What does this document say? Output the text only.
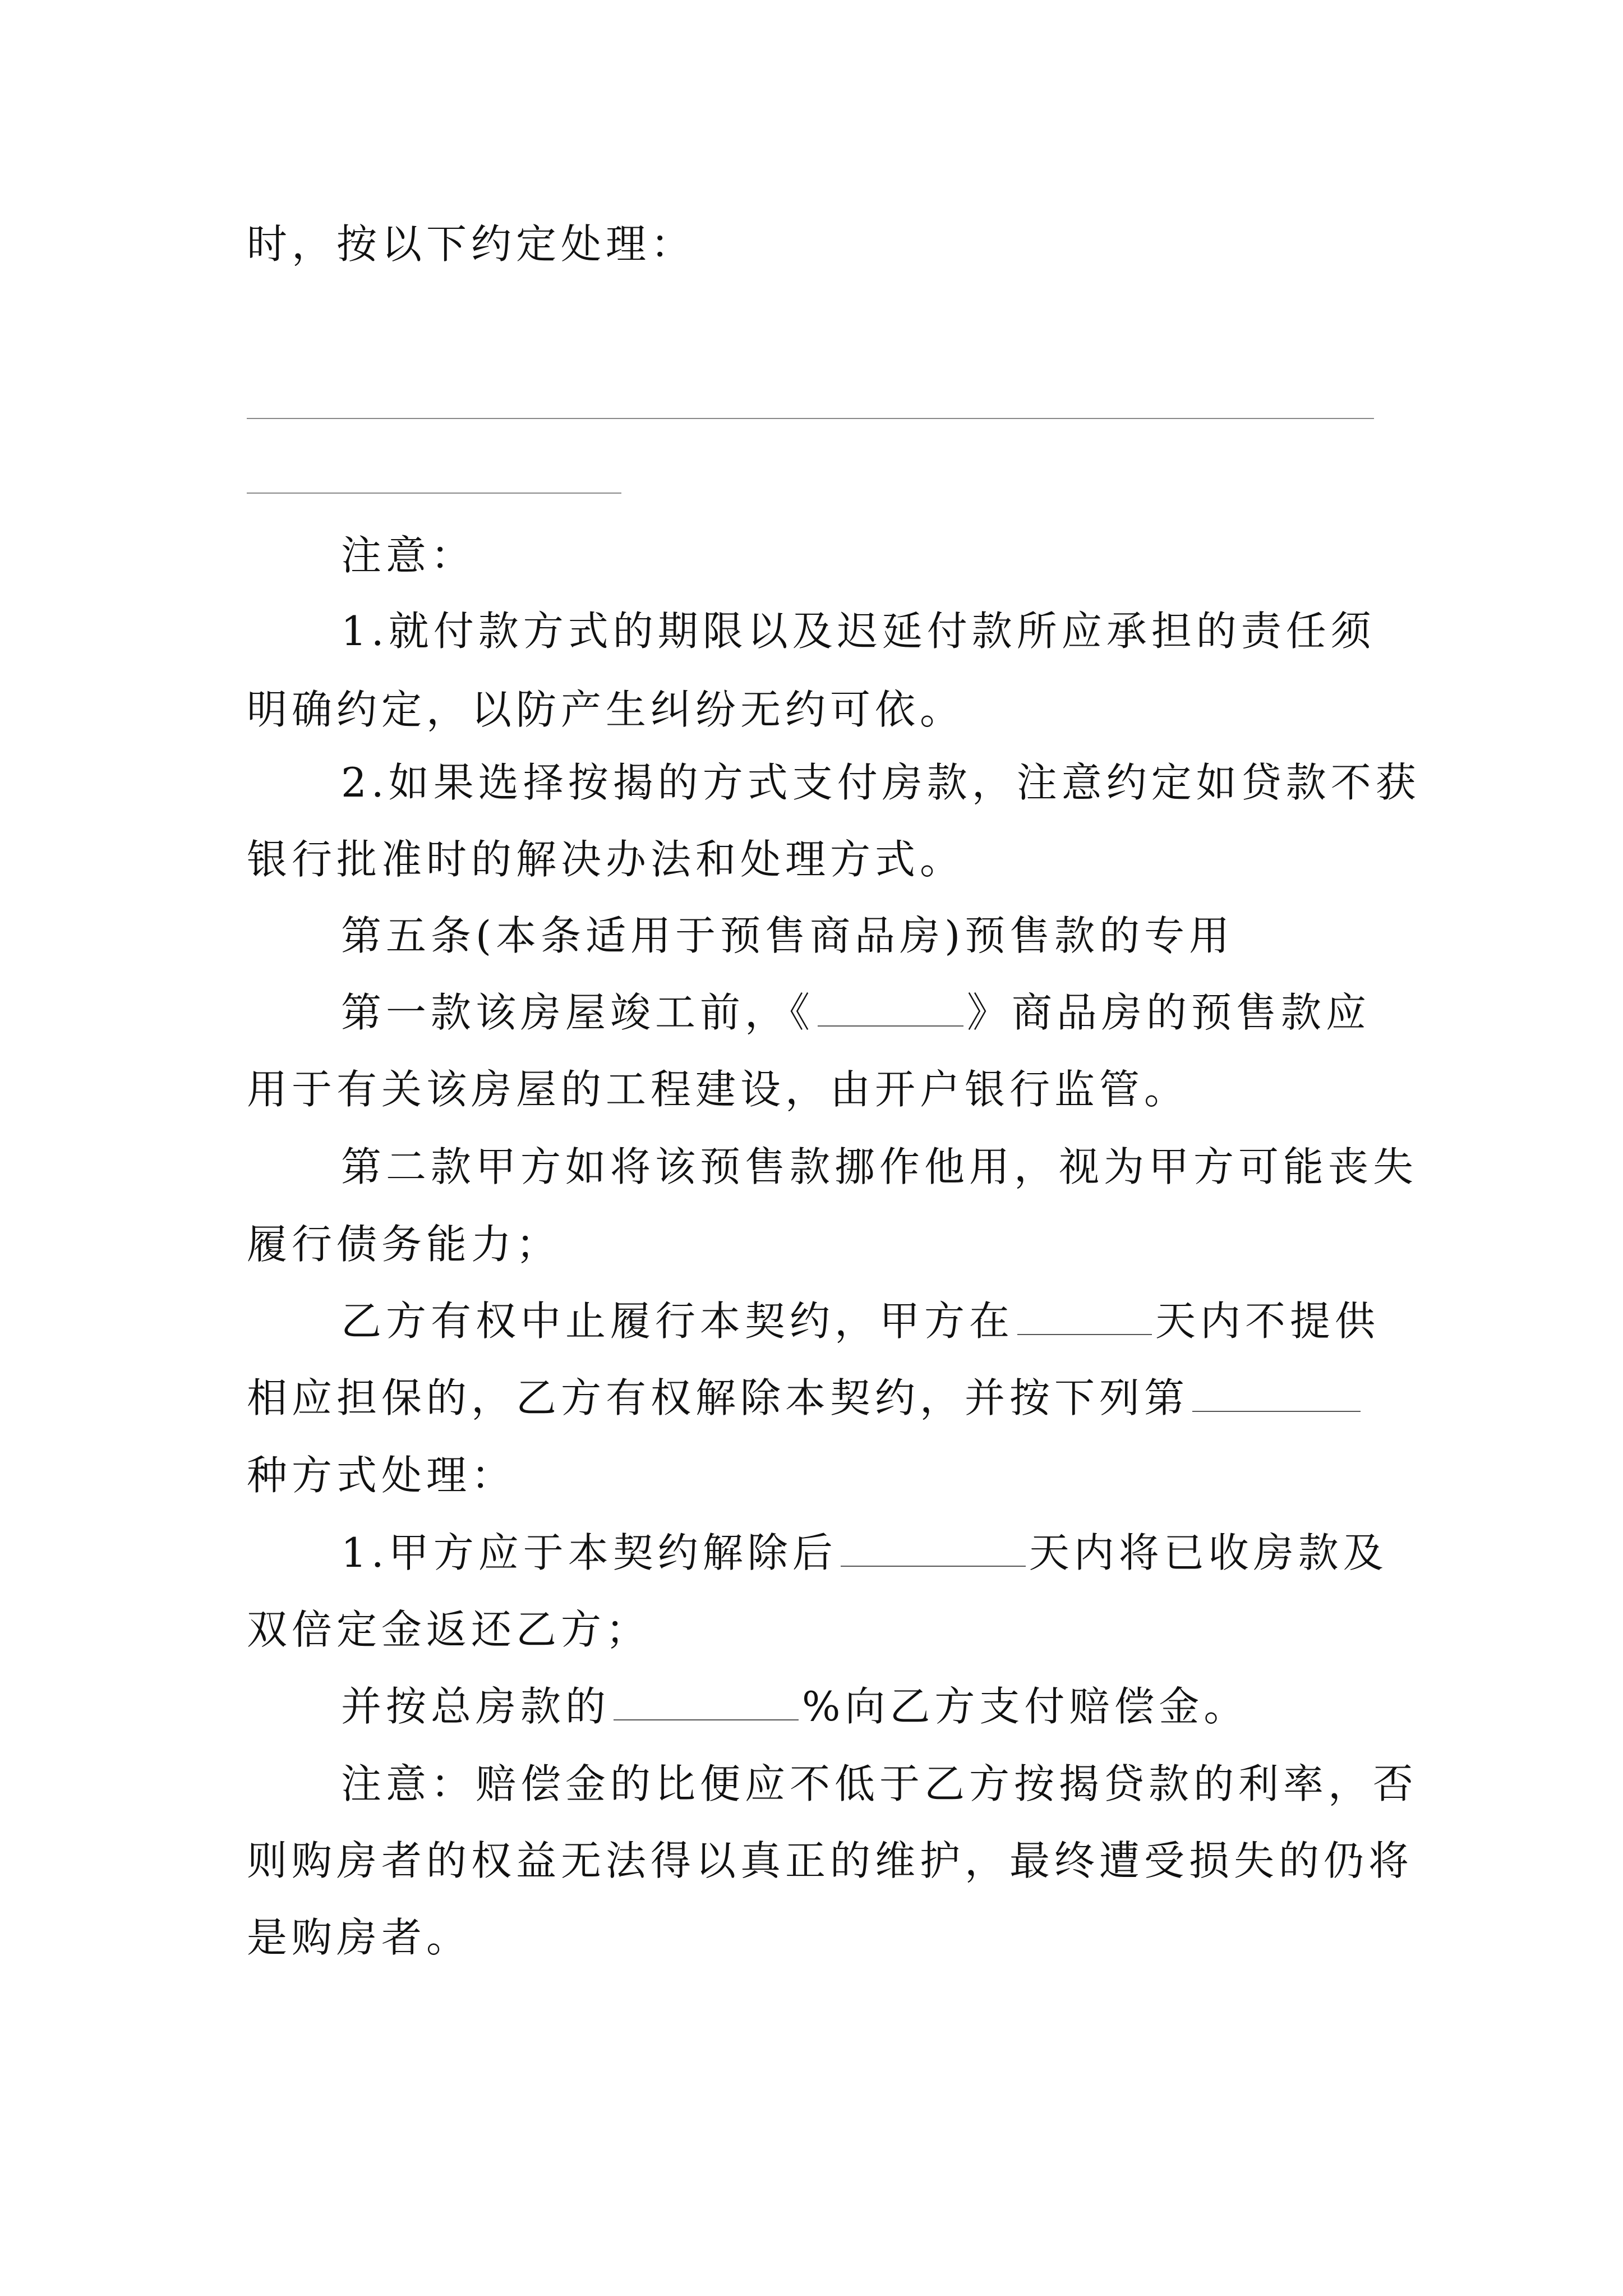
时，按以下约定处理：
注意：
1.就付款方式的期限以及迟延付款所应承担的责任须
明确约定，以防产生纠纷无约可依。
2.如果选择按揭的方式支付房款，注意约定如贷款不获
银行批准时的解决办法和处理方式。
第五条(本条适用于预售商品房)预售款的专用
第一款该房屋竣工前，《	》商品房的预售款应
用于有关该房屋的工程建设，由开户银行监管。
第二款甲方如将该预售款挪作他用，视为甲方可能丧失
履行债务能力；
乙方有权中止履行本契约，甲方在	天内不提供
相应担保的，乙方有权解除本契约，并按下列第
种方式处理：
1.甲方应于本契约解除后	天内将已收房款及
双倍定金返还乙方；
并按总房款的	%向乙方支付赔偿金。
注意：赔偿金的比便应不低于乙方按揭贷款的利率，否
则购房者的权益无法得以真正的维护，最终遭受损失的仍将
是购房者。
